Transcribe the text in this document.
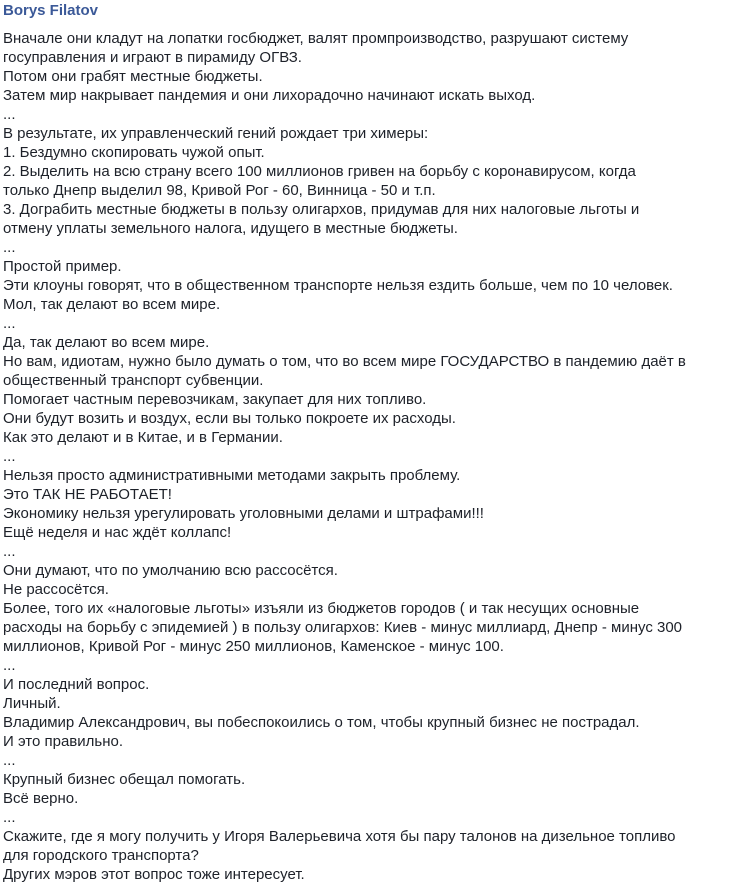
Borys Filatov
Вначале они кладут на лопатки госбюджет, валят промпроизводство, разрушают систему
госуправления и играют в пирамиду ОГВЗ.
Потом они грабят местные бюджеты.
Затем мир накрывает пандемия и они лихорадочно начинают искать выход.
...
В результате, их управленческий гений рождает три химеры:
1. Бездумно скопировать чужой опыт.
2. Выделить на всю страну всего 100 миллионов гривен на борьбу с коронавирусом, когда
только Днепр выделил 98, Кривой Рог - 60, Винница - 50 и т.п.
3. Дограбить местные бюджеты в пользу олигархов, придумав для них налоговые льготы и
отмену уплаты земельного налога, идущего в местные бюджеты.
...
Простой пример.
Эти клоуны говорят, что в общественном транспорте нельзя ездить больше, чем по 10 человек.
Мол, так делают во всем мире.
...
Да, так делают во всем мире.
Но вам, идиотам, нужно было думать о том, что во всем мире ГОСУДАРСТВО в пандемию даёт в
общественный транспорт субвенции.
Помогает частным перевозчикам, закупает для них топливо.
Они будут возить и воздух, если вы только покроете их расходы.
Как это делают и в Китае, и в Германии.
...
Нельзя просто административными методами закрыть проблему.
Это ТАК НЕ РАБОТАЕТ!
Экономику нельзя урегулировать уголовными делами и штрафами!!!
Ещё неделя и нас ждёт коллапс!
...
Они думают, что по умолчанию всю рассосётся.
Не рассосётся.
Более, того их «налоговые льготы» изъяли из бюджетов городов ( и так несущих основные
расходы на борьбу с эпидемией ) в пользу олигархов: Киев - минус миллиард, Днепр - минус 300
миллионов, Кривой Рог - минус 250 миллионов, Каменское - минус 100.
...
И последний вопрос.
Личный.
Владимир Александрович, вы побеспокоились о том, чтобы крупный бизнес не пострадал.
И это правильно.
...
Крупный бизнес обещал помогать.
Всё верно.
...
Скажите, где я могу получить у Игоря Валерьевича хотя бы пару талонов на дизельное топливо
для городского транспорта?
Других мэров этот вопрос тоже интересует.
